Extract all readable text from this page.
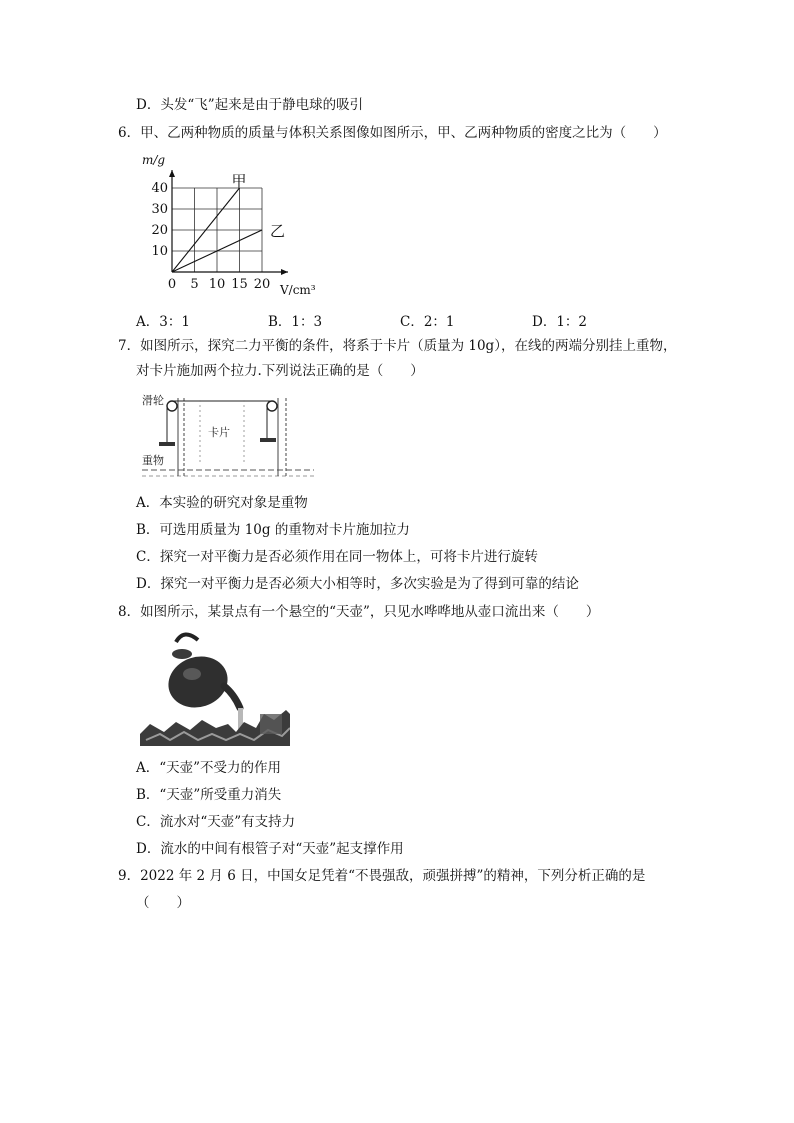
D．头发“飞”起来是由于静电球的吸引
6．甲、乙两种物质的质量与体积关系图像如图所示，甲、乙两种物质的密度之比为（　　）
甲
乙
0 5 10 15 20
10
20
30
40
V/cm³
m/g
A．3：1	B．1：3	C．2：1	D．1：2
7．如图所示，探究二力平衡的条件，将系于卡片（质量为 10g），在线的两端分别挂上重物，
对卡片施加两个拉力.下列说法正确的是（　　）
滑轮
卡片
重物
A．本实验的研究对象是重物
B．可选用质量为 10g 的重物对卡片施加拉力
C．探究一对平衡力是否必须作用在同一物体上，可将卡片进行旋转
D．探究一对平衡力是否必须大小相等时，多次实验是为了得到可靠的结论
8．如图所示，某景点有一个悬空的“天壶”，只见水哗哗地从壶口流出来（　　）
A．“天壶”不受力的作用
B．“天壶”所受重力消失
C．流水对“天壶”有支持力
D．流水的中间有根管子对“天壶”起支撑作用
9．2022 年 2 月 6 日，中国女足凭着“不畏强敌，顽强拼搏”的精神，下列分析正确的是
（　　）
